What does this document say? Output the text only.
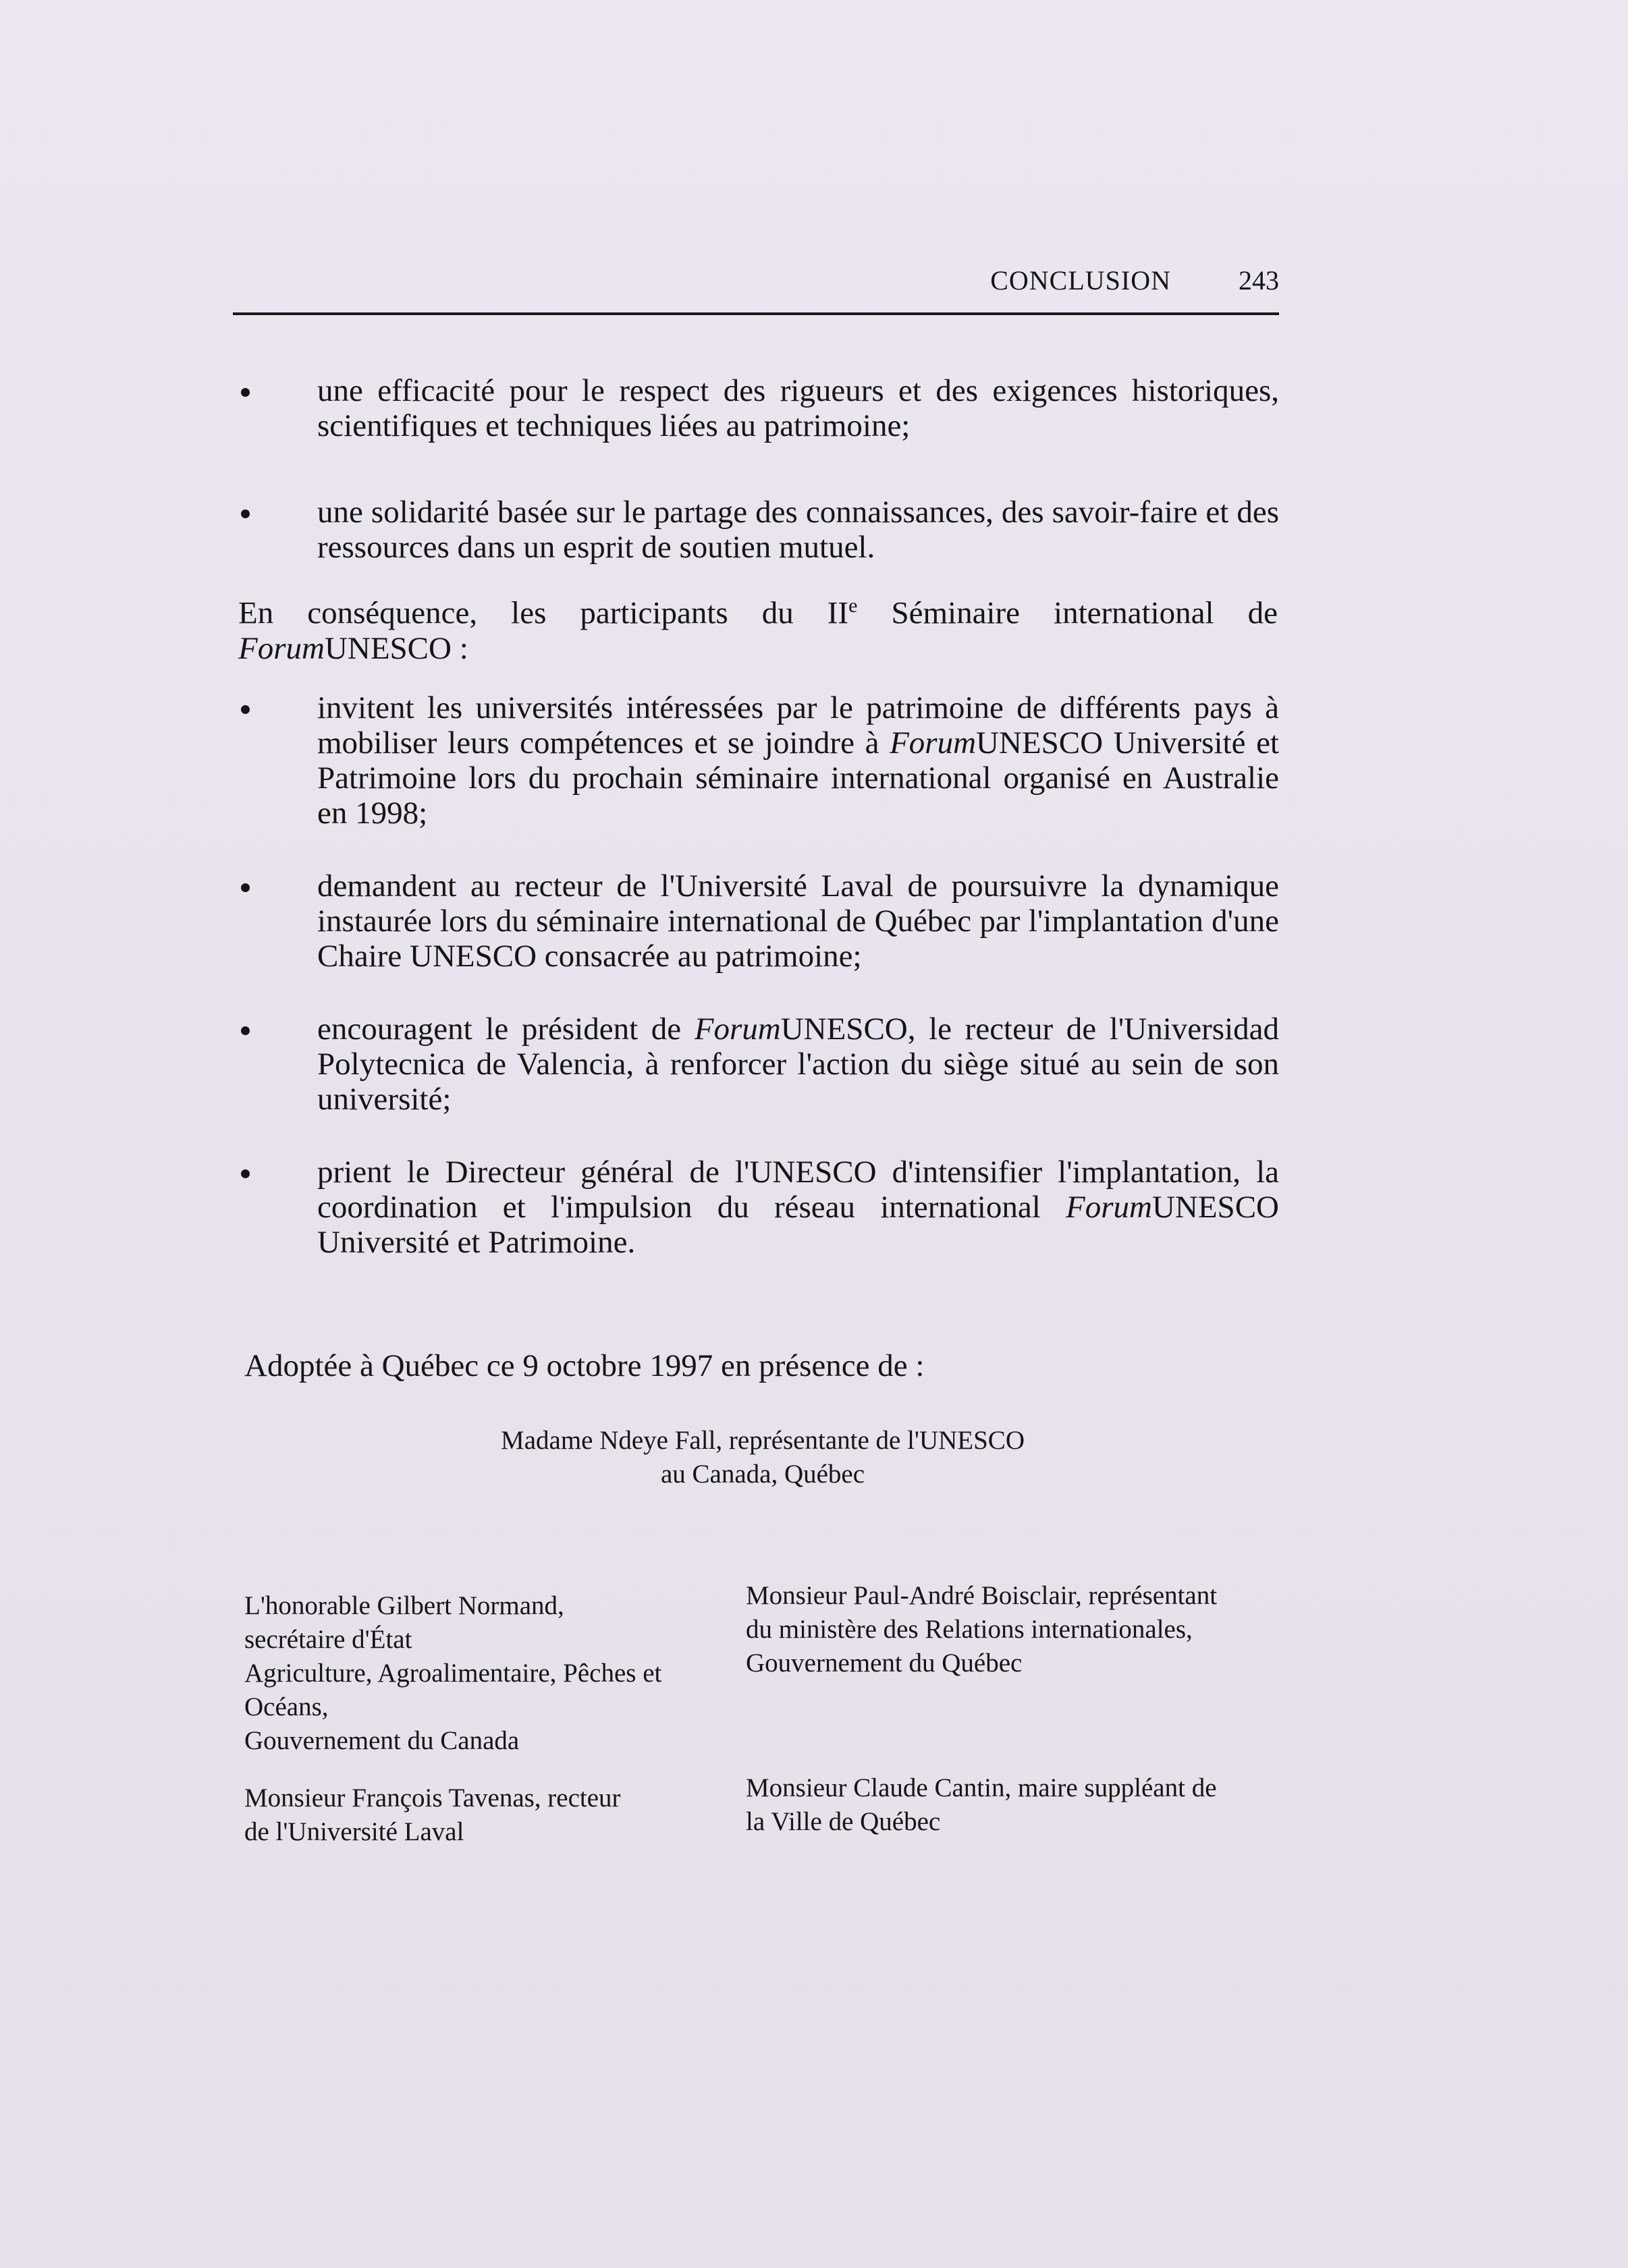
CONCLUSION	243
une efficacité pour le respect des rigueurs et des exigences historiques, scientifiques et techniques liées au patrimoine;
une solidarité basée sur le partage des connaissances, des savoir-faire et des ressources dans un esprit de soutien mutuel.
En conséquence, les participants du IIe Séminaire international de ForumUNESCO :
invitent les universités intéressées par le patrimoine de différents pays à mobiliser leurs compétences et se joindre à ForumUNESCO Université et Patrimoine lors du prochain séminaire international organisé en Australie en 1998;
demandent au recteur de l'Université Laval de poursuivre la dynamique instaurée lors du séminaire international de Québec par l'implantation d'une Chaire UNESCO consacrée au patrimoine;
encouragent le président de ForumUNESCO, le recteur de l'Universidad Polytecnica de Valencia, à renforcer l'action du siège situé au sein de son université;
prient le Directeur général de l'UNESCO d'intensifier l'implantation, la coordination et l'impulsion du réseau international ForumUNESCO Université et Patrimoine.
Adoptée à Québec ce 9 octobre 1997 en présence de :
Madame Ndeye Fall, représentante de l'UNESCO
au Canada, Québec
L'honorable Gilbert Normand,
secrétaire d'État
Agriculture, Agroalimentaire, Pêches et
Océans,
Gouvernement du Canada
Monsieur Paul-André Boisclair, représentant
du ministère des Relations internationales,
Gouvernement du Québec
Monsieur François Tavenas, recteur
de l'Université Laval
Monsieur Claude Cantin, maire suppléant de
la Ville de Québec
